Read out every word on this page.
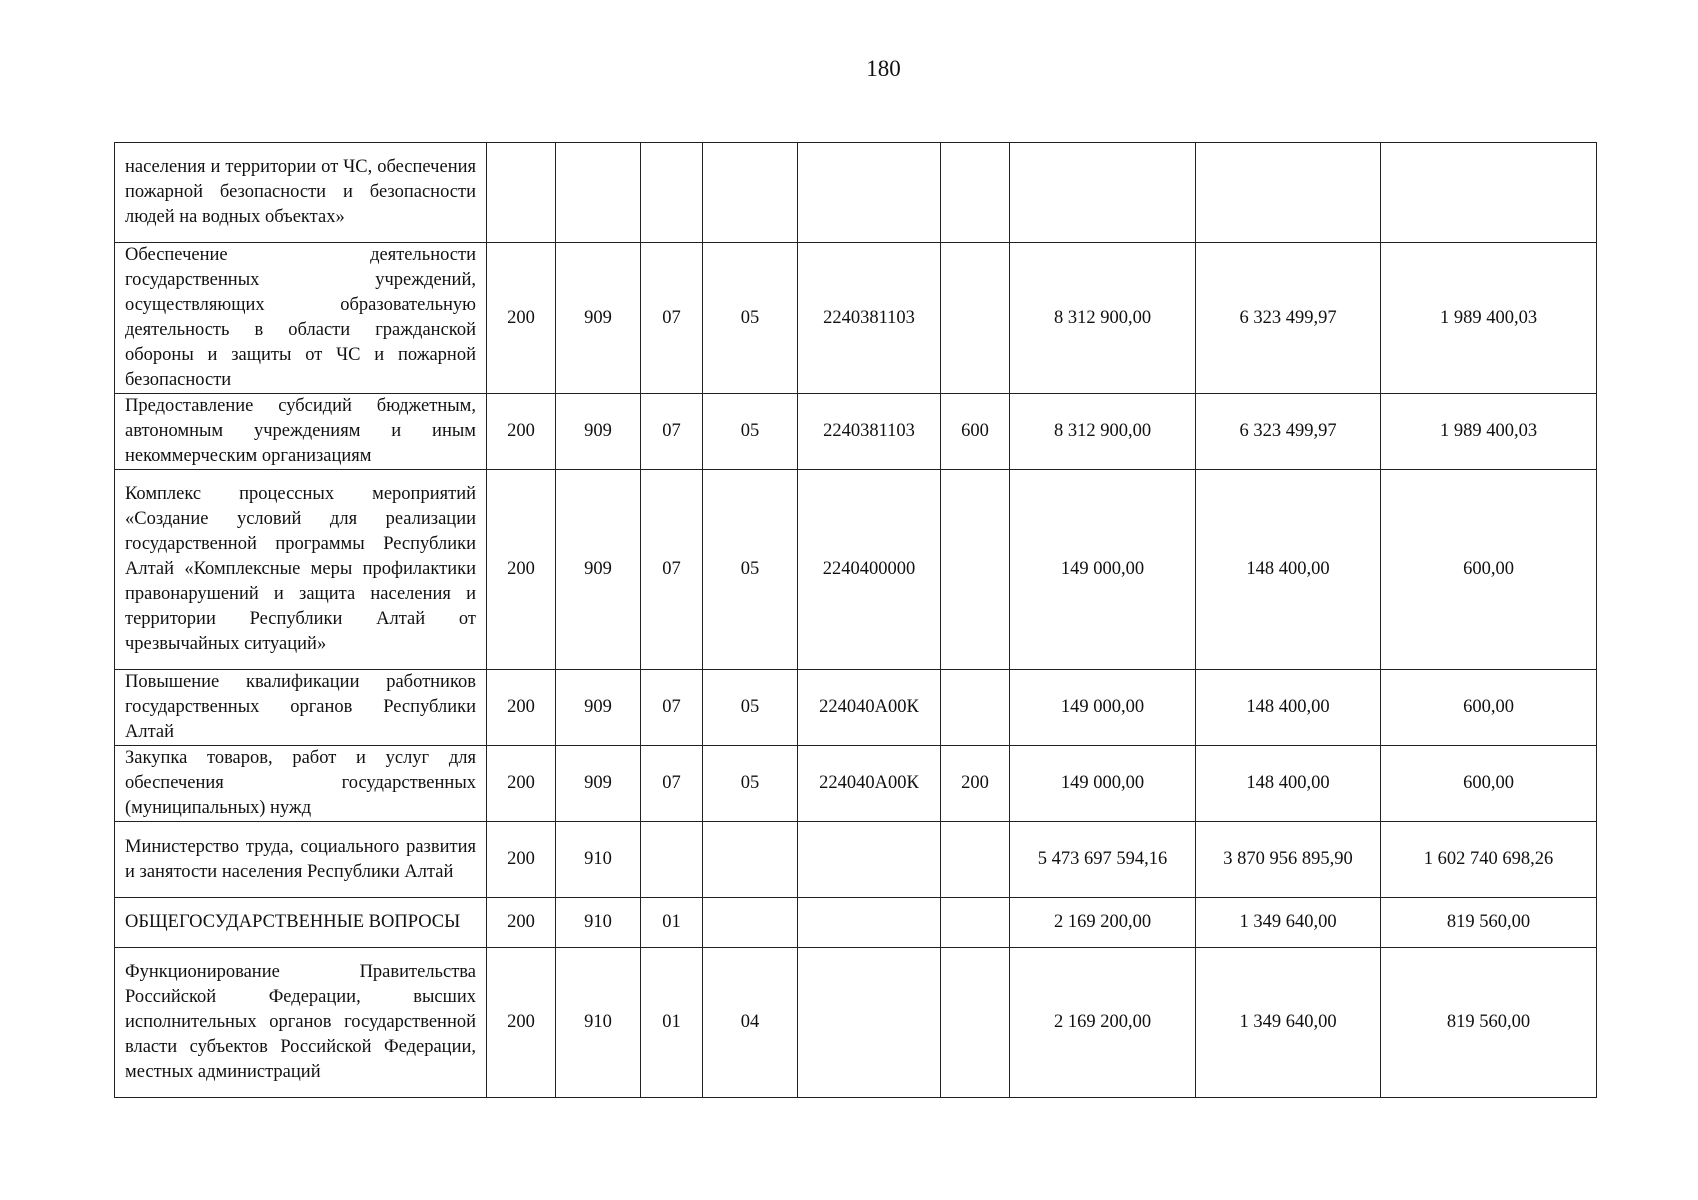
180
населения и территории от ЧС, обеспечения пожарной безопасности и безопасности людей на водных объектах»									
Обеспечение деятельности государственных учреждений, осуществляющих образовательную деятельность в области гражданской обороны и защиты от ЧС и пожарной безопасности	200	909	07	05	2240381103		8 312 900,00	6 323 499,97	1 989 400,03
Предоставление субсидий бюджетным, автономным учреждениям и иным некоммерческим организациям	200	909	07	05	2240381103	600	8 312 900,00	6 323 499,97	1 989 400,03
Комплекс процессных мероприятий «Создание условий для реализации государственной программы Республики Алтай «Комплексные меры профилактики правонарушений и защита населения и территории Республики Алтай от чрезвычайных ситуаций»	200	909	07	05	2240400000		149 000,00	148 400,00	600,00
Повышение квалификации работников государственных органов Республики Алтай	200	909	07	05	224040А00К		149 000,00	148 400,00	600,00
Закупка товаров, работ и услуг для обеспечения государственных (муниципальных) нужд	200	909	07	05	224040А00К	200	149 000,00	148 400,00	600,00
Министерство труда, социального развития и занятости населения Республики Алтай	200	910					5 473 697 594,16	3 870 956 895,90	1 602 740 698,26
ОБЩЕГОСУДАРСТВЕННЫЕ ВОПРОСЫ	200	910	01				2 169 200,00	1 349 640,00	819 560,00
Функционирование Правительства Российской Федерации, высших исполнительных органов государственной власти субъектов Российской Федерации, местных администраций	200	910	01	04			2 169 200,00	1 349 640,00	819 560,00
